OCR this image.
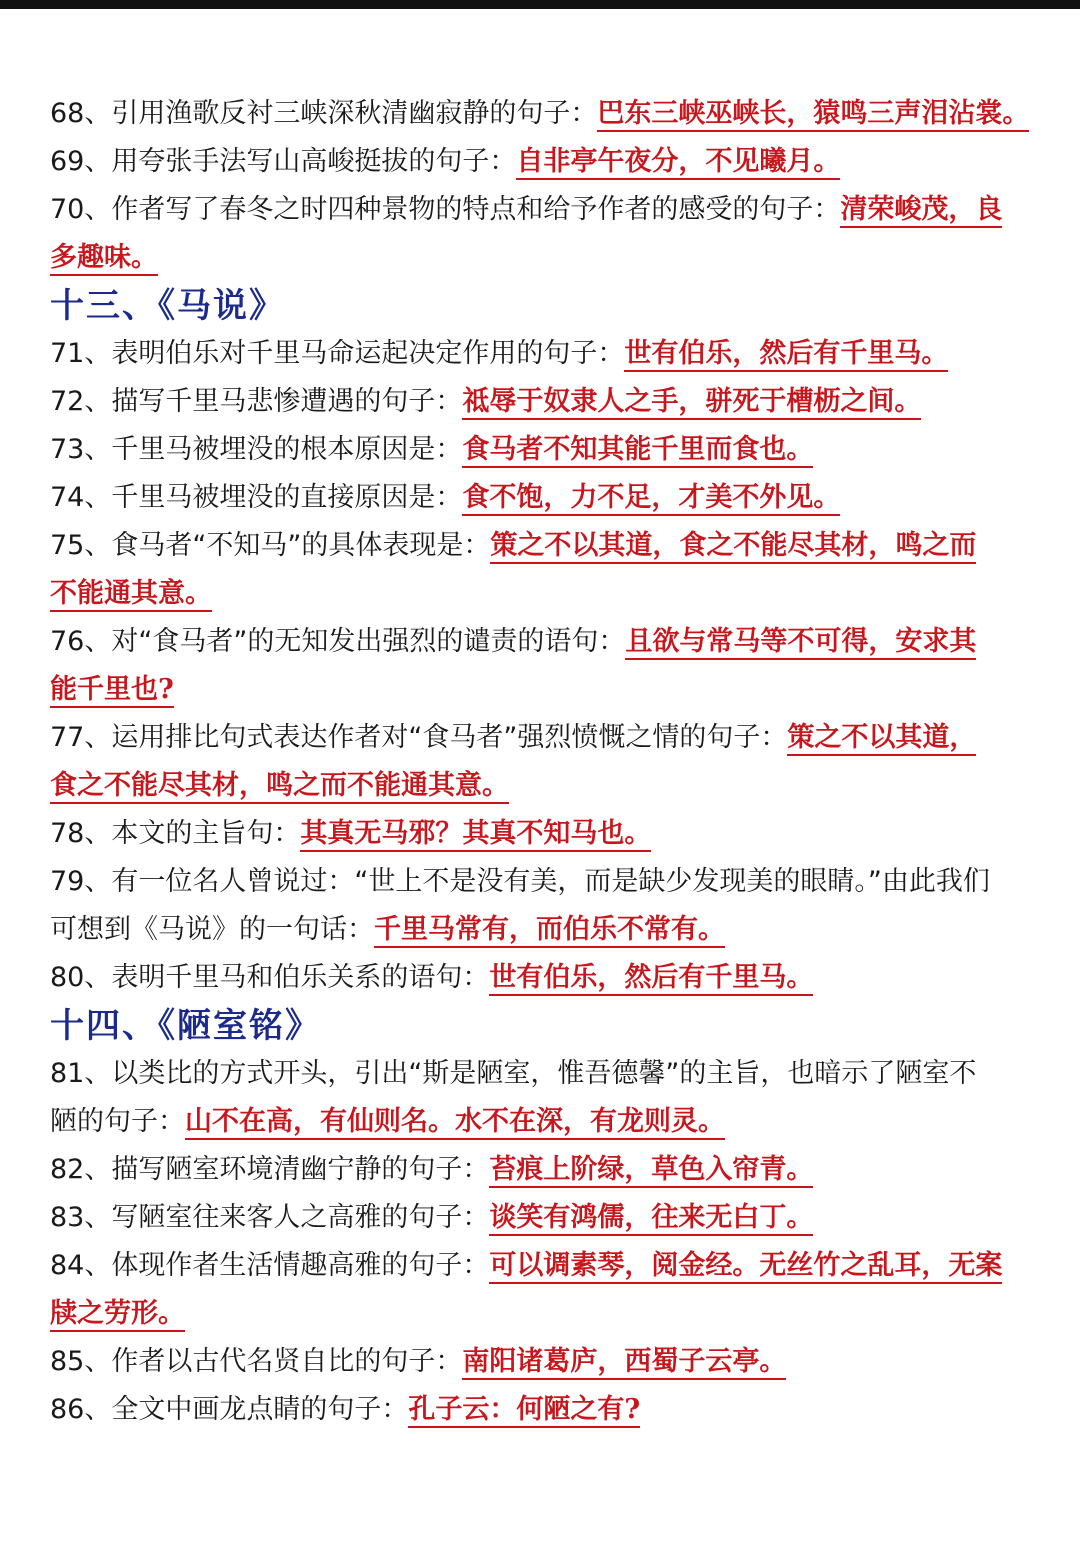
68、引用渔歌反衬三峡深秋清幽寂静的句子：巴东三峡巫峡长，猿鸣三声泪沾裳。
69、用夸张手法写山高峻挺拔的句子：自非亭午夜分，不见曦月。
70、作者写了春冬之时四种景物的特点和给予作者的感受的句子：清荣峻茂，良
多趣味。
十三、《马说》
71、表明伯乐对千里马命运起决定作用的句子：世有伯乐，然后有千里马。
72、描写千里马悲惨遭遇的句子：祗辱于奴隶人之手，骈死于槽枥之间。
73、千里马被埋没的根本原因是：食马者不知其能千里而食也。
74、千里马被埋没的直接原因是：食不饱，力不足，才美不外见。
75、食马者“不知马”的具体表现是：策之不以其道，食之不能尽其材，鸣之而
不能通其意。
76、对“食马者”的无知发出强烈的谴责的语句：且欲与常马等不可得，安求其
能千里也?
77、运用排比句式表达作者对“食马者”强烈愤慨之情的句子：策之不以其道，
食之不能尽其材，鸣之而不能通其意。
78、本文的主旨句：其真无马邪？其真不知马也。
79、有一位名人曾说过：“世上不是没有美，而是缺少发现美的眼睛。”由此我们
可想到《马说》的一句话：千里马常有，而伯乐不常有。
80、表明千里马和伯乐关系的语句：世有伯乐，然后有千里马。
十四、《陋室铭》
81、以类比的方式开头，引出“斯是陋室，惟吾德馨”的主旨，也暗示了陋室不
陋的句子：山不在高，有仙则名。水不在深，有龙则灵。
82、描写陋室环境清幽宁静的句子：苔痕上阶绿，草色入帘青。
83、写陋室往来客人之高雅的句子：谈笑有鸿儒，往来无白丁。
84、体现作者生活情趣高雅的句子：可以调素琴，阅金经。无丝竹之乱耳，无案
牍之劳形。
85、作者以古代名贤自比的句子：南阳诸葛庐，西蜀子云亭。
86、全文中画龙点睛的句子：孔子云：何陋之有?
